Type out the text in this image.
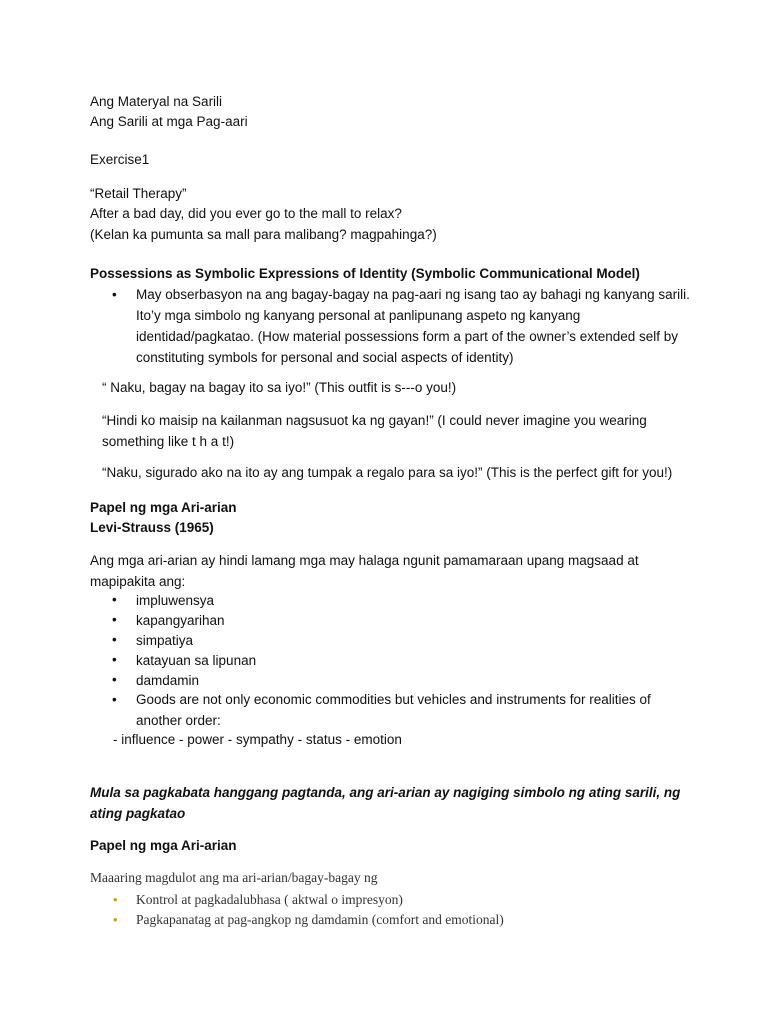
Ang Materyal na Sarili
Ang Sarili at mga Pag-aari
Exercise1
“Retail Therapy”
After a bad day, did you ever go to the mall to relax?
(Kelan ka pumunta sa mall para malibang? magpahinga?)
Possessions as Symbolic Expressions of Identity (Symbolic Communicational Model)
• May obserbasyon na ang bagay-bagay na pag-aari ng isang tao ay bahagi ng kanyang sarili. Ito’y mga simbolo ng kanyang personal at panlipunang aspeto ng kanyang identidad/pagkatao. (How material possessions form a part of the owner’s extended self by constituting symbols for personal and social aspects of identity)
“ Naku, bagay na bagay ito sa iyo!” (This outfit is s---o you!)
“Hindi ko maisip na kailanman nagsusuot ka ng gayan!” (I could never imagine you wearing something like t h a t!)
“Naku, sigurado ako na ito ay ang tumpak a regalo para sa iyo!” (This is the perfect gift for you!)
Papel ng mga Ari-arian
Levi-Strauss (1965)
Ang mga ari-arian ay hindi lamang mga may halaga ngunit pamamaraan upang magsaad at mapipakita ang:
• impluwensya
• kapangyarihan
• simpatiya
• katayuan sa lipunan
• damdamin
• Goods are not only economic commodities but vehicles and instruments for realities of another order:
- influence - power - sympathy - status - emotion
Mula sa pagkabata hanggang pagtanda, ang ari-arian ay nagiging simbolo ng ating sarili, ng ating pagkatao
Papel ng mga Ari-arian
Maaaring magdulot ang ma ari-arian/bagay-bagay ng
• Kontrol at pagkadalubhasa ( aktwal o impresyon)
• Pagkapanatag at pag-angkop ng damdamin (comfort and emotional)
